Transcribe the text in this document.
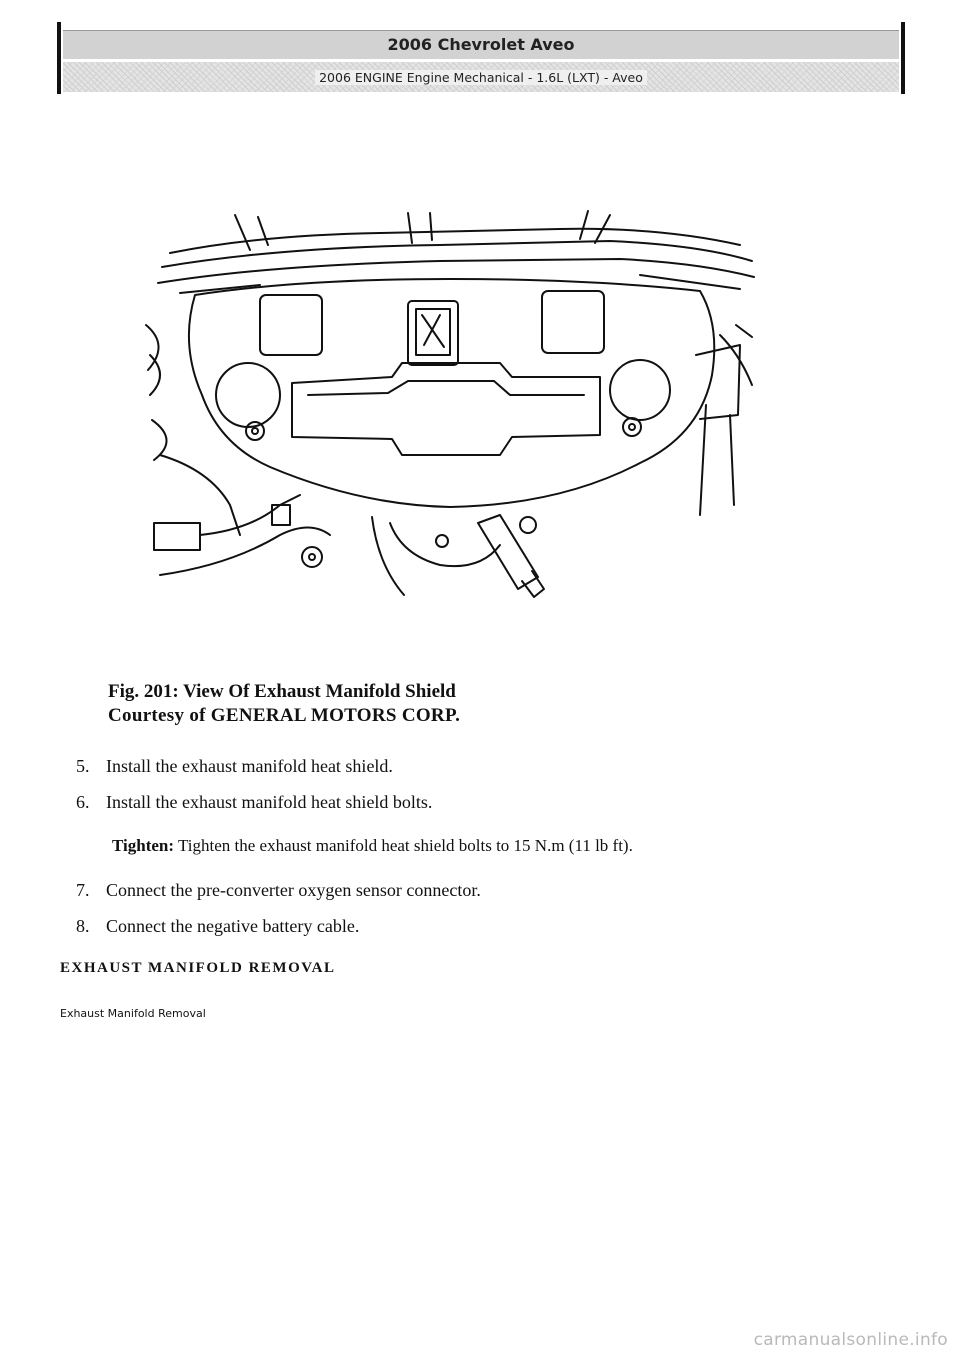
2006 Chevrolet Aveo
2006 ENGINE Engine Mechanical - 1.6L (LXT) - Aveo
Fig. 201: View Of Exhaust Manifold Shield
Courtesy of GENERAL MOTORS CORP.
5. Install the exhaust manifold heat shield.
6. Install the exhaust manifold heat shield bolts.
Tighten: Tighten the exhaust manifold heat shield bolts to 15 N.m (11 lb ft).
7. Connect the pre-converter oxygen sensor connector.
8. Connect the negative battery cable.
EXHAUST MANIFOLD REMOVAL
Exhaust Manifold Removal
carmanualsonline.info
